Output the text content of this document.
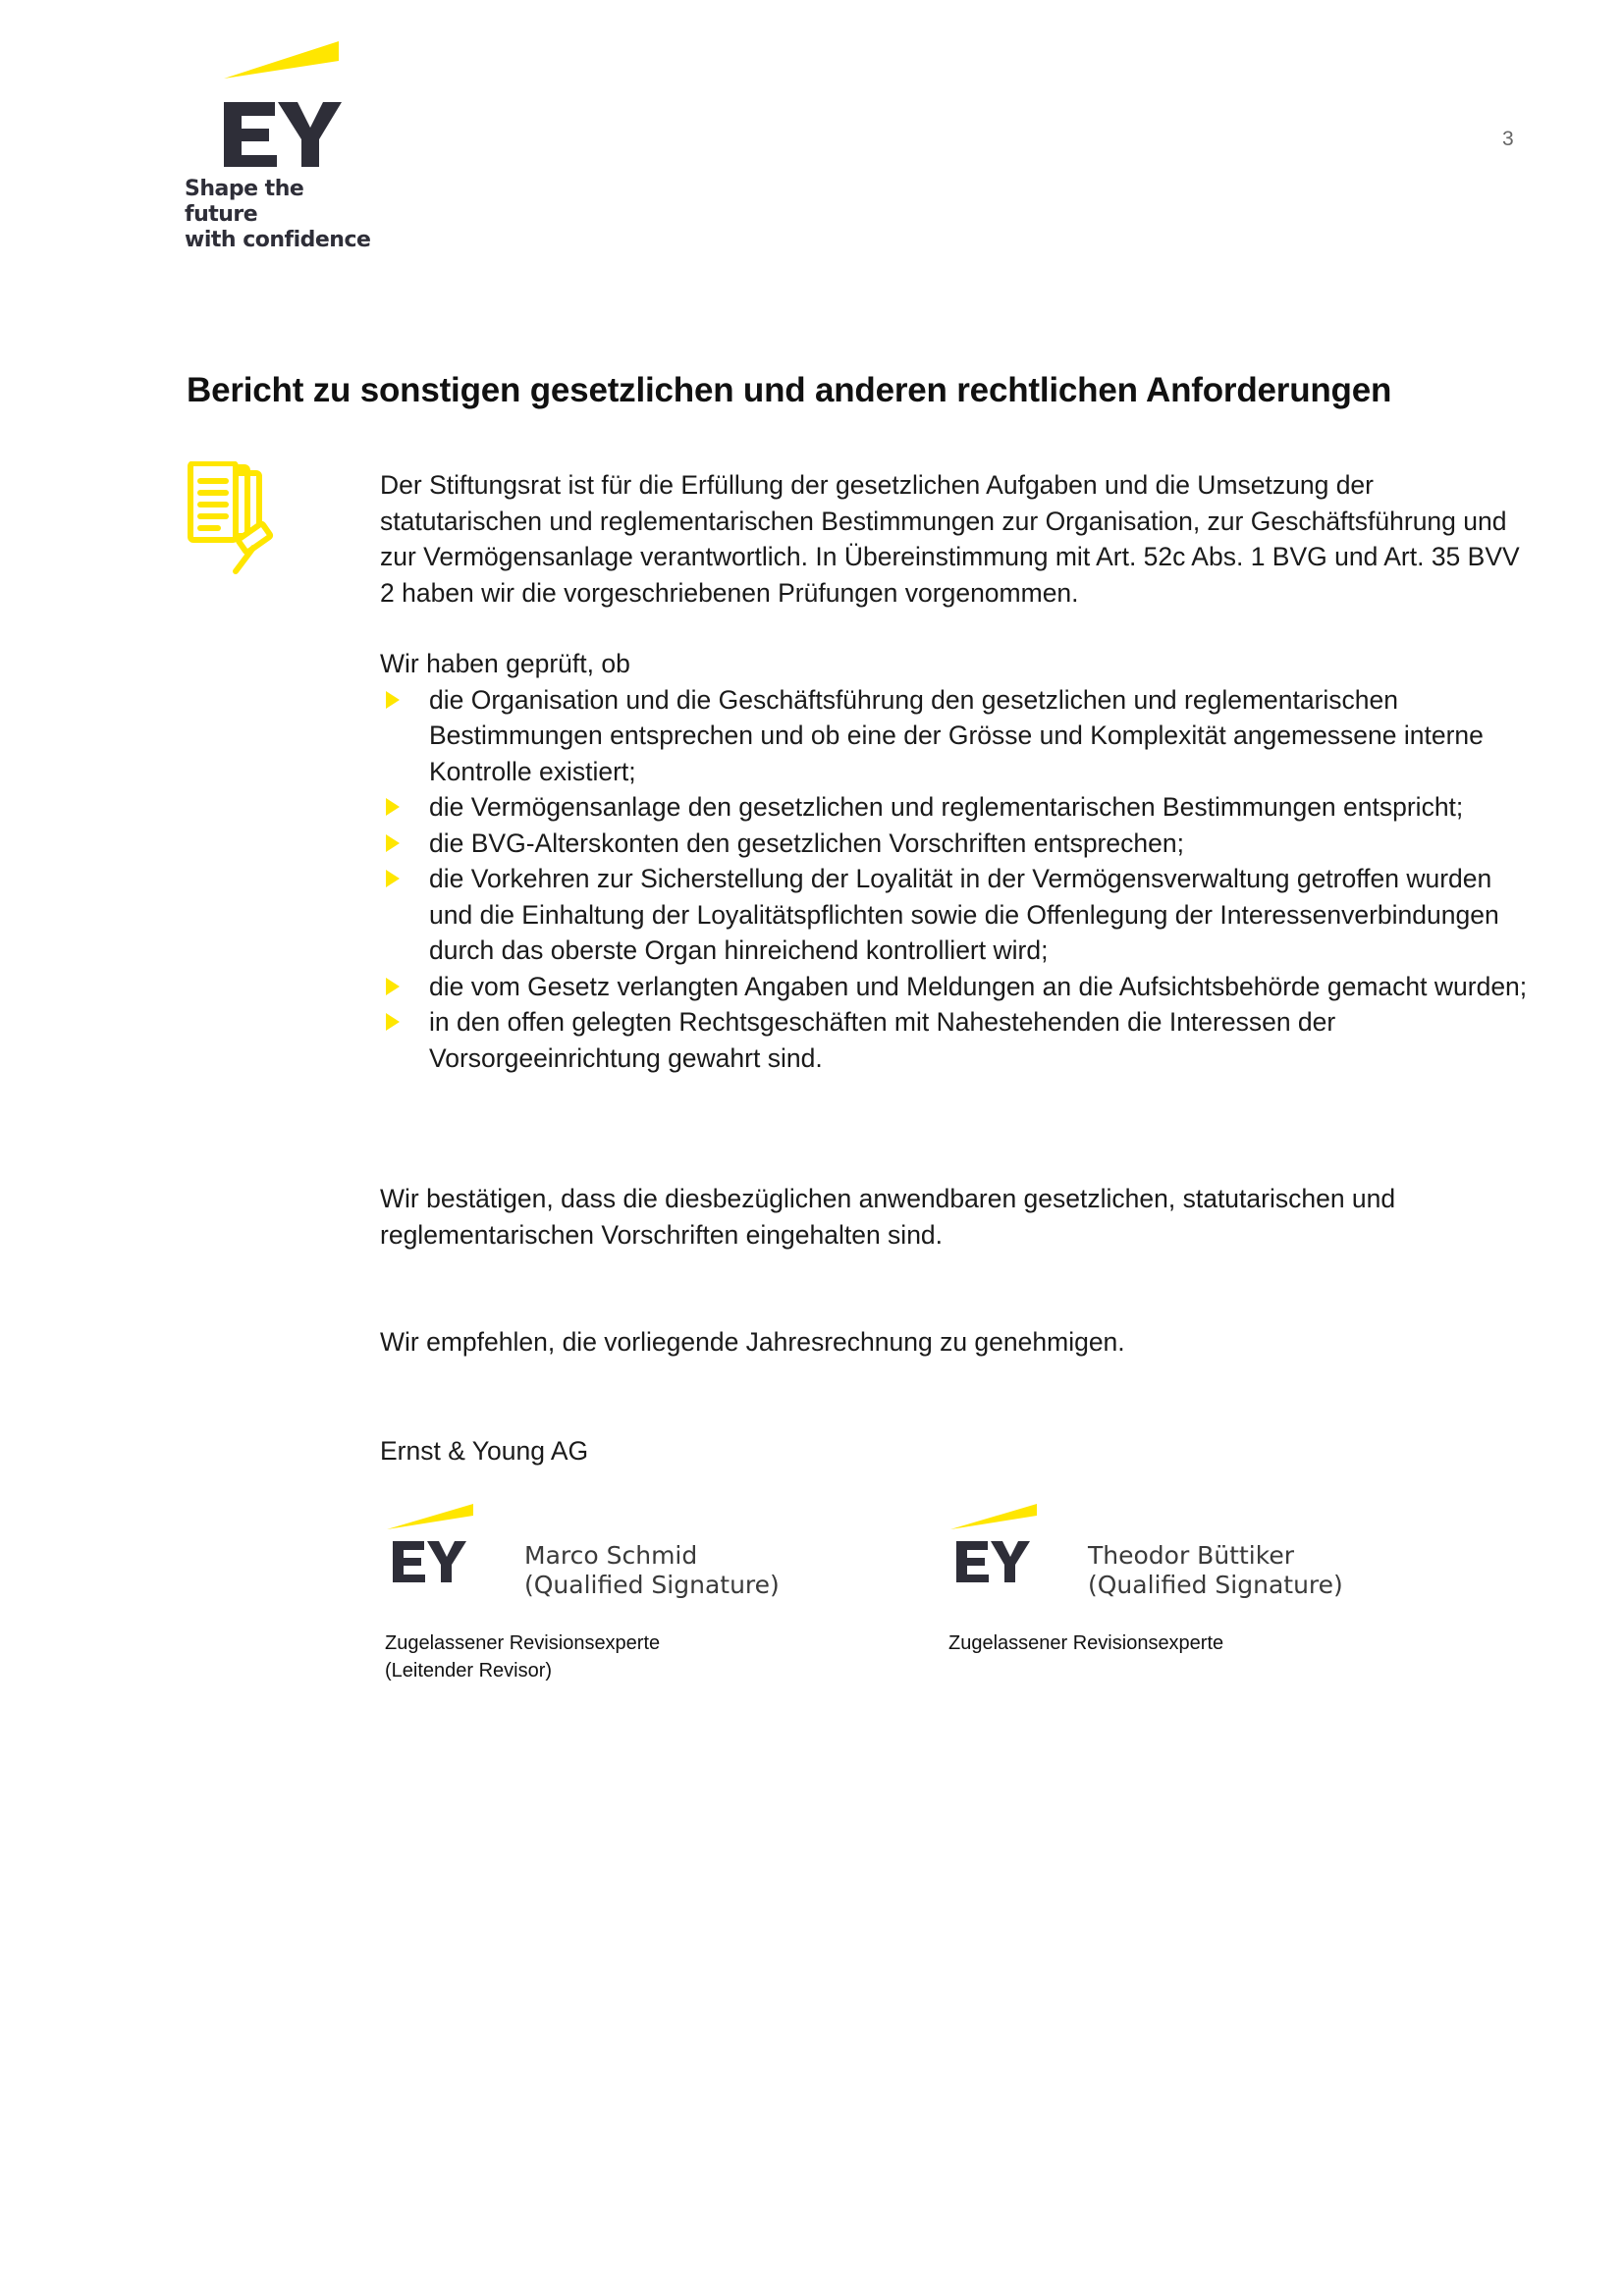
Shape the future
with confidence
3
Bericht zu sonstigen gesetzlichen und anderen rechtlichen Anforderungen

Der Stiftungsrat ist für die Erfüllung der gesetzlichen Aufgaben und die Umsetzung der statutarischen und reglementarischen Bestimmungen zur Organisation, zur Geschäftsführung und zur Vermögensanlage verantwortlich. In Übereinstimmung mit Art. 52c Abs. 1 BVG und Art. 35 BVV 2 haben wir die vorgeschriebenen Prüfungen vorgenommen.

Wir haben geprüft, ob

die Organisation und die Geschäftsführung den gesetzlichen und reglementarischen Bestimmungen entsprechen und ob eine der Grösse und Komplexität angemessene interne Kontrolle existiert;
die Vermögensanlage den gesetzlichen und reglementarischen Bestimmungen entspricht;
die BVG-Alterskonten den gesetzlichen Vorschriften entsprechen;
die Vorkehren zur Sicherstellung der Loyalität in der Vermögensverwaltung getroffen wurden und die Einhaltung der Loyalitätspflichten sowie die Offenlegung der Interessenverbindungen durch das oberste Organ hinreichend kontrolliert wird;
die vom Gesetz verlangten Angaben und Meldungen an die Aufsichtsbehörde gemacht wurden;
in den offen gelegten Rechtsgeschäften mit Nahestehenden die Interessen der Vorsorgeeinrichtung gewahrt sind.

Wir bestätigen, dass die diesbezüglichen anwendbaren gesetzlichen, statutarischen und reglementarischen Vorschriften eingehalten sind.

Wir empfehlen, die vorliegende Jahresrechnung zu genehmigen.

Ernst & Young AG

Marco Schmid
(Qualified Signature)
Zugelassener Revisionsexperte
(Leitender Revisor)
Theodor Büttiker
(Qualified Signature)
Zugelassener Revisionsexperte
